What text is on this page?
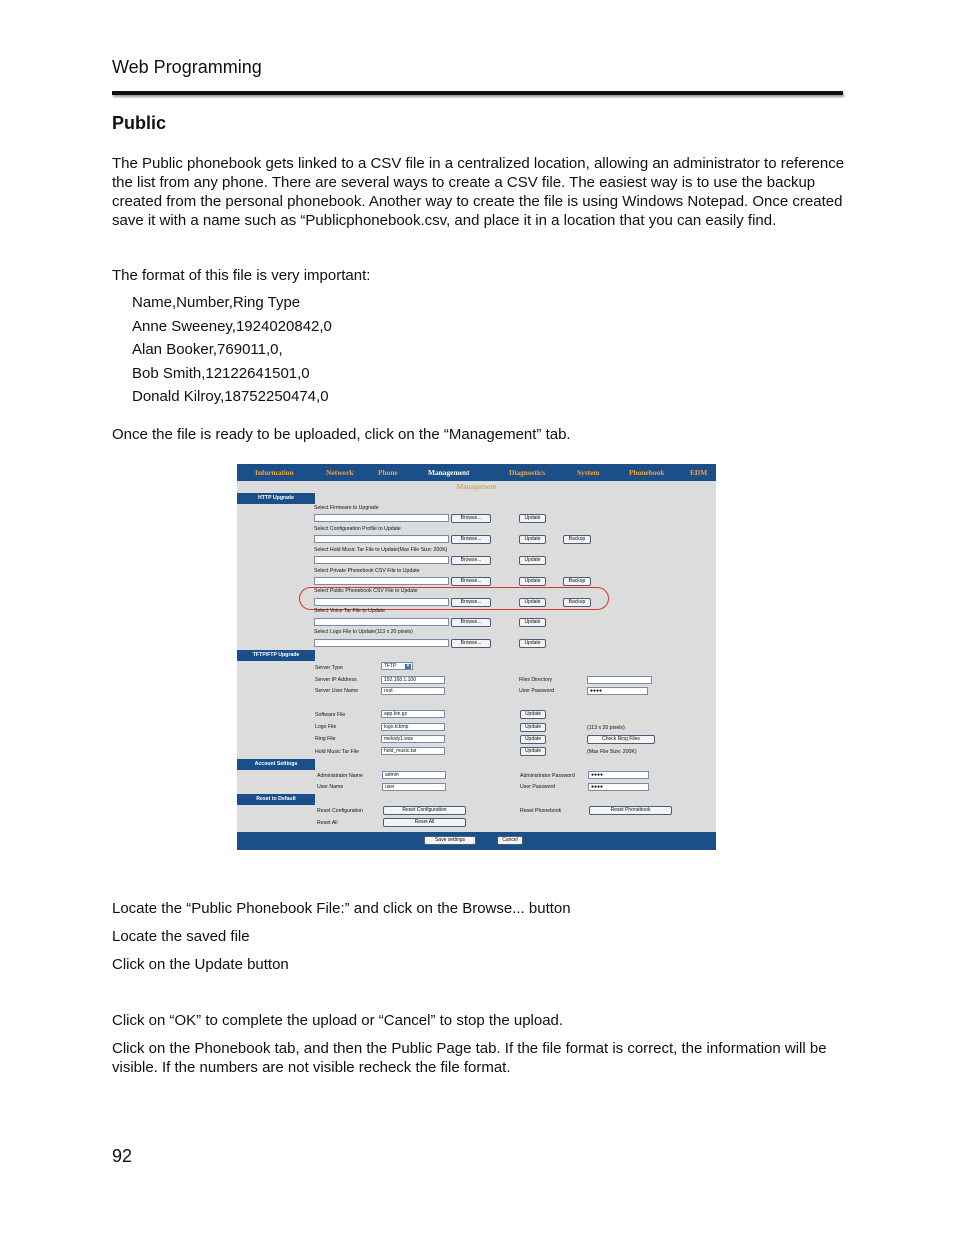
Web Programming
Public
The Public phonebook gets linked to a CSV file in a centralized location, allowing an administrator to reference the list from any phone. There are several ways to create a CSV file. The easiest way is to use the backup created from the personal phonebook. Another way to create the file is using Windows Notepad. Once created save it with a name such as “Publicphonebook.csv, and place it in a location that you can easily find.
The format of this file is very important:
Name,Number,Ring Type
Anne Sweeney,1924020842,0
Alan Booker,769011,0,
Bob Smith,12122641501,0
Donald Kilroy,18752250474,0
Once the file is ready to be uploaded, click on the “Management” tab.
Information	Network	Phone	Management	Diagnostics	System	Phonebook	EDM
Management
HTTP Upgrade
Select Firmware to Upgrade
Browse...	Update
Select Configuration Profile to Update
Browse...	Update	Backup
Select Hold Music Tar File to Update(Max File Size: 200K)
Browse...	Update
Select Private Phonebook CSV File to Update
Browse...	Update	Backup
Select Public Phonebook CSV File to Update
Browse...	Update	Backup
Select Voice Tar File to Update
Browse...	Update
Select Logo File to Update(113 x 20 pixels)
Browse...	Update
TFTP/FTP Upgrade
Server Type	TFTP	▾
Server IP Address	192.168.1.100	Files Directory
Server User Name	root	User Password	●●●●
Software File	app.bin.gz	Update
Logo File	logo.tcbmp	Update	(113 x 20 pixels)
Ring File	melody1.wav	Update	Check Ring Files
Hold Music Tar File	hold_music.tar	Update	(Max File Size: 200K)
Account Settings
Administrator Name	admin	Administrator Password	●●●●
User Name	user	User Password	●●●●
Reset to Default
Reset Configuration	Reset Configuration	Reset Phonebook	Reset Phonebook
Reset All	Reset All
Save settings	Cancel
Locate the “Public Phonebook File:” and click on the Browse... button
Locate the saved file
Click on the Update button
Click on “OK” to complete the upload or “Cancel” to stop the upload.
Click on the Phonebook tab, and then the Public Page tab. If the file format is correct, the information will be visible. If the numbers are not visible recheck the file format.
92
